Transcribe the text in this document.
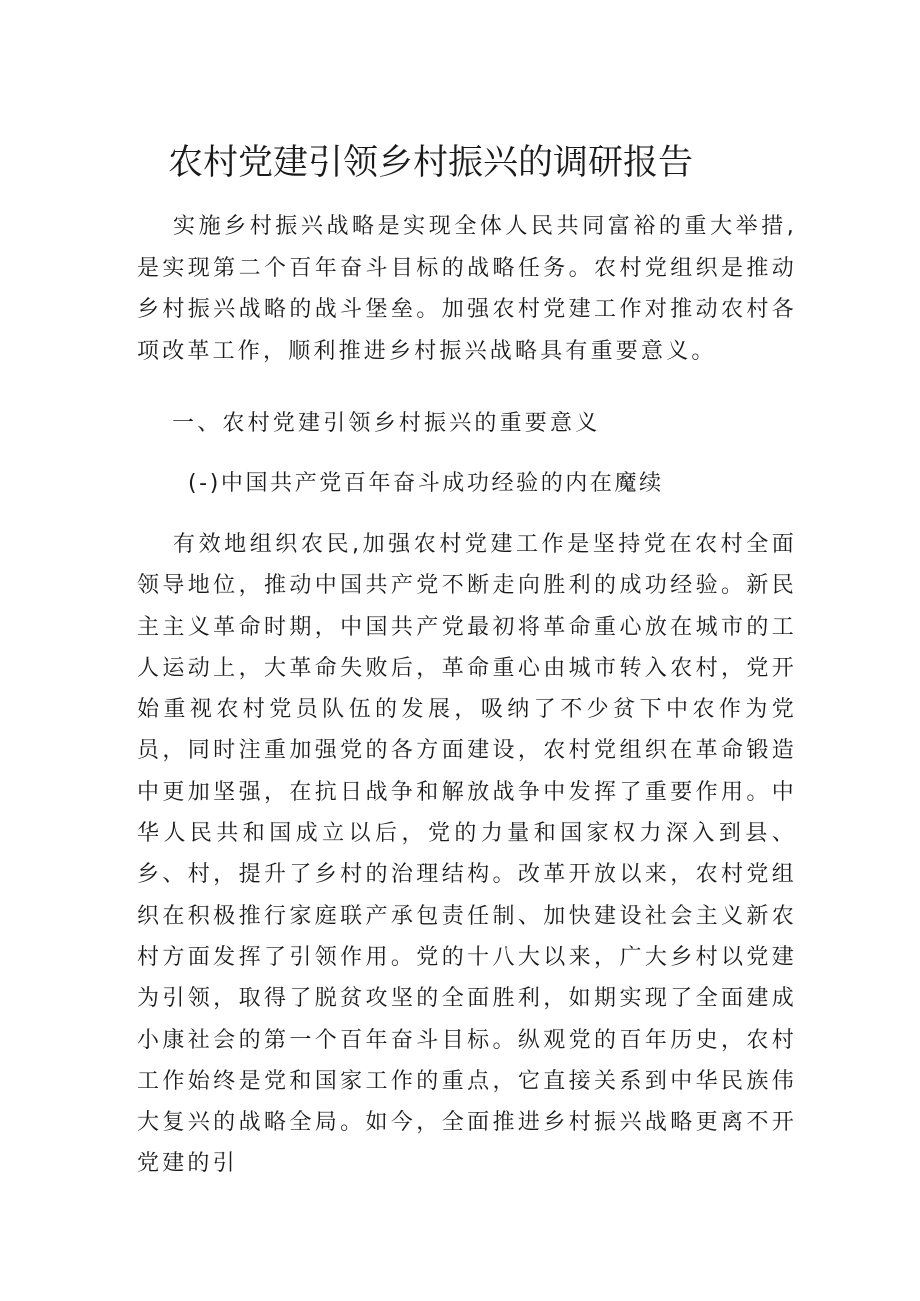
农村党建引领乡村振兴的调研报告
实施乡村振兴战略是实现全体人民共同富裕的重大举措,是实现第二个百年奋斗目标的战略任务。农村党组织是推动乡村振兴战略的战斗堡垒。加强农村党建工作对推动农村各项改革工作，顺利推进乡村振兴战略具有重要意义。
一、农村党建引领乡村振兴的重要意义
(-)中国共产党百年奋斗成功经验的内在魔续
有效地组织农民,加强农村党建工作是坚持党在农村全面领导地位，推动中国共产党不断走向胜利的成功经验。新民主主义革命时期，中国共产党最初将革命重心放在城市的工人运动上，大革命失败后，革命重心由城市转入农村，党开始重视农村党员队伍的发展，吸纳了不少贫下中农作为党员，同时注重加强党的各方面建设，农村党组织在革命锻造中更加坚强，在抗日战争和解放战争中发挥了重要作用。中华人民共和国成立以后，党的力量和国家权力深入到县、乡、村，提升了乡村的治理结构。改革开放以来，农村党组织在积极推行家庭联产承包责任制、加快建设社会主义新农村方面发挥了引领作用。党的十八大以来，广大乡村以党建为引领，取得了脱贫攻坚的全面胜利，如期实现了全面建成小康社会的第一个百年奋斗目标。纵观党的百年历史，农村工作始终是党和国家工作的重点，它直接关系到中华民族伟大复兴的战略全局。如今，全面推进乡村振兴战略更离不开党建的引
